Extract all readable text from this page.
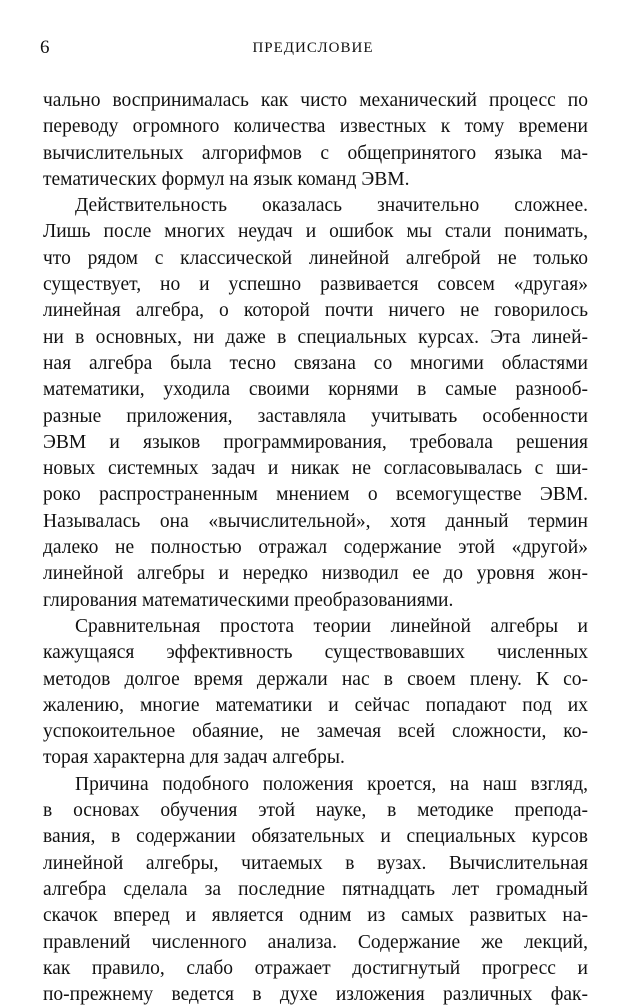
6	ПРЕДИСЛОВИЕ
чально воспринималась как чисто механический процесс по
переводу огромного количества известных к тому времени
вычислительных алгорифмов с общепринятого языка ма-
тематических формул на язык команд ЭВМ.
Действительность оказалась значительно сложнее.
Лишь после многих неудач и ошибок мы стали понимать,
что рядом с классической линейной алгеброй не только
существует, но и успешно развивается совсем «другая»
линейная алгебра, о которой почти ничего не говорилось
ни в основных, ни даже в специальных курсах. Эта линей-
ная алгебра была тесно связана со многими областями
математики, уходила своими корнями в самые разнооб-
разные приложения, заставляла учитывать особенности
ЭВМ и языков программирования, требовала решения
новых системных задач и никак не согласовывалась с ши-
роко распространенным мнением о всемогуществе ЭВМ.
Называлась она «вычислительной», хотя данный термин
далеко не полностью отражал содержание этой «другой»
линейной алгебры и нередко низводил ее до уровня жон-
глирования математическими преобразованиями.
Сравнительная простота теории линейной алгебры и
кажущаяся эффективность существовавших численных
методов долгое время держали нас в своем плену. К со-
жалению, многие математики и сейчас попадают под их
успокоительное обаяние, не замечая всей сложности, ко-
торая характерна для задач алгебры.
Причина подобного положения кроется, на наш взгляд,
в основах обучения этой науке, в методике препода-
вания, в содержании обязательных и специальных курсов
линейной алгебры, читаемых в вузах. Вычислительная
алгебра сделала за последние пятнадцать лет громадный
скачок вперед и является одним из самых развитых на-
правлений численного анализа. Содержание же лекций,
как правило, слабо отражает достигнутый прогресс и
по-прежнему ведется в духе изложения различных фак-
